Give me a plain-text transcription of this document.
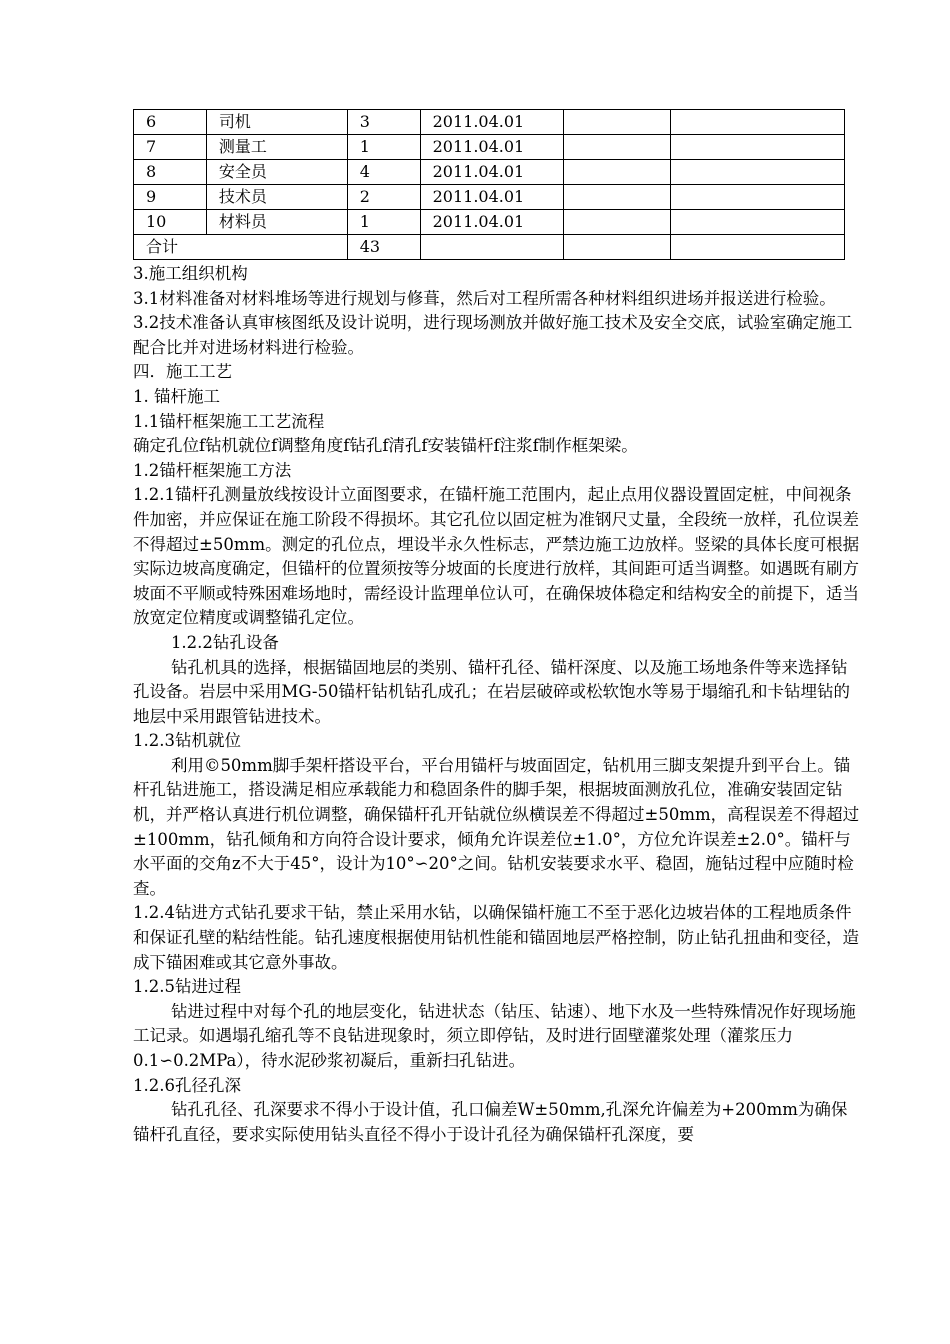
6	司机	3	2011.04.01		
7	测量工	1	2011.04.01		
8	安全员	4	2011.04.01		
9	技术员	2	2011.04.01		
10	材料员	1	2011.04.01		
合计		43			

3.施工组织机构

3.1材料准备对材料堆场等进行规划与修葺，然后对工程所需各种材料组织进场并报送进行检验。

3.2技术准备认真审核图纸及设计说明，进行现场测放并做好施工技术及安全交底，试验室确定施工配合比并对进场材料进行检验。

四．施工工艺

1. 锚杆施工

1.1锚杆框架施工工艺流程

确定孔位f钻机就位f调整角度f钻孔f清孔f安装锚杆f注浆f制作框架梁。

1.2锚杆框架施工方法

1.2.1锚杆孔测量放线按设计立面图要求，在锚杆施工范围内，起止点用仪器设置固定桩，中间视条件加密，并应保证在施工阶段不得损坏。其它孔位以固定桩为准钢尺丈量，全段统一放样，孔位误差不得超过±50mm。测定的孔位点，埋设半永久性标志，严禁边施工边放样。竖梁的具体长度可根据实际边坡高度确定，但锚杆的位置须按等分坡面的长度进行放样，其间距可适当调整。如遇既有刷方坡面不平顺或特殊困难场地时，需经设计监理单位认可，在确保坡体稳定和结构安全的前提下，适当放宽定位精度或调整锚孔定位。

1.2.2钻孔设备

钻孔机具的选择，根据锚固地层的类别、锚杆孔径、锚杆深度、以及施工场地条件等来选择钻孔设备。岩层中采用MG-50锚杆钻机钻孔成孔；在岩层破碎或松软饱水等易于塌缩孔和卡钻埋钻的地层中采用跟管钻进技术。

1.2.3钻机就位

利用©50mm脚手架杆搭设平台，平台用锚杆与坡面固定，钻机用三脚支架提升到平台上。锚杆孔钻进施工，搭设满足相应承载能力和稳固条件的脚手架，根据坡面测放孔位，准确安装固定钻机，并严格认真进行机位调整，确保锚杆孔开钻就位纵横误差不得超过±50mm，高程误差不得超过±100mm，钻孔倾角和方向符合设计要求，倾角允许误差位±1.0°，方位允许误差±2.0°。锚杆与水平面的交角z不大于45°，设计为10°∽20°之间。钻机安装要求水平、稳固，施钻过程中应随时检查。

1.2.4钻进方式钻孔要求干钻，禁止采用水钻，以确保锚杆施工不至于恶化边坡岩体的工程地质条件和保证孔壁的粘结性能。钻孔速度根据使用钻机性能和锚固地层严格控制，防止钻孔扭曲和变径，造成下锚困难或其它意外事故。

1.2.5钻进过程

钻进过程中对每个孔的地层变化，钻进状态（钻压、钻速）、地下水及一些特殊情况作好现场施工记录。如遇塌孔缩孔等不良钻进现象时，须立即停钻，及时进行固壁灌浆处理（灌浆压力0.1∽0.2MPa），待水泥砂浆初凝后，重新扫孔钻进。

1.2.6孔径孔深

钻孔孔径、孔深要求不得小于设计值，孔口偏差W±50mm,孔深允许偏差为+200mm为确保锚杆孔直径，要求实际使用钻头直径不得小于设计孔径为确保锚杆孔深度，要
